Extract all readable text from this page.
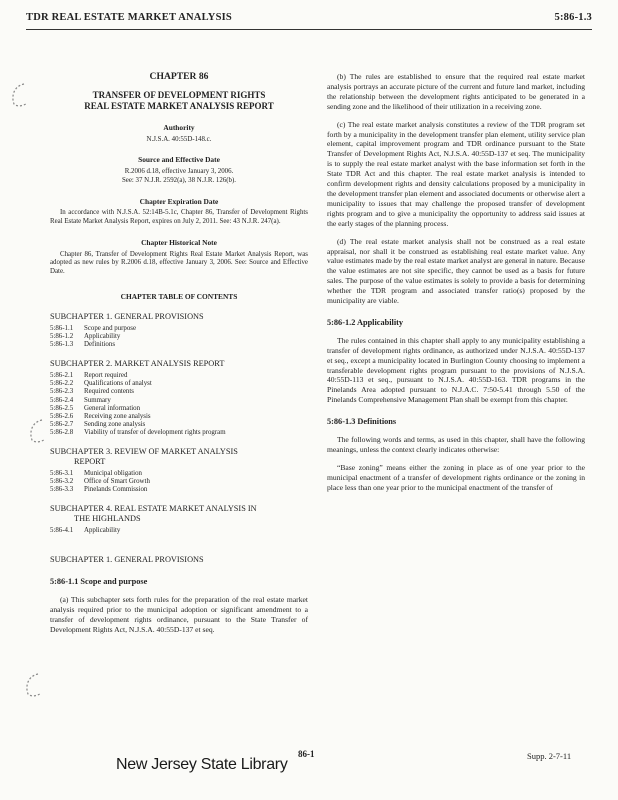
TDR REAL ESTATE MARKET ANALYSIS	5:86-1.3
CHAPTER 86
TRANSFER OF DEVELOPMENT RIGHTS
REAL ESTATE MARKET ANALYSIS REPORT
Authority
N.J.S.A. 40:55D-148.c.
Source and Effective Date
R.2006 d.18, effective January 3, 2006.
See: 37 N.J.R. 2592(a), 38 N.J.R. 126(b).
Chapter Expiration Date
In accordance with N.J.S.A. 52:14B-5.1c, Chapter 86, Transfer of Development Rights Real Estate Market Analysis Report, expires on July 2, 2011. See: 43 N.J.R. 247(a).
Chapter Historical Note
Chapter 86, Transfer of Development Rights Real Estate Market Analysis Report, was adopted as new rules by R.2006 d.18, effective January 3, 2006. See: Source and Effective Date.
CHAPTER TABLE OF CONTENTS
SUBCHAPTER 1. GENERAL PROVISIONS
5:86-1.1	Scope and purpose
5:86-1.2	Applicability
5:86-1.3	Definitions
SUBCHAPTER 2. MARKET ANALYSIS REPORT
5:86-2.1	Report required
5:86-2.2	Qualifications of analyst
5:86-2.3	Required contents
5:86-2.4	Summary
5:86-2.5	General information
5:86-2.6	Receiving zone analysis
5:86-2.7	Sending zone analysis
5:86-2.8	Viability of transfer of development rights program
SUBCHAPTER 3. REVIEW OF MARKET ANALYSIS
REPORT
5:86-3.1	Municipal obligation
5:86-3.2	Office of Smart Growth
5:86-3.3	Pinelands Commission
SUBCHAPTER 4. REAL ESTATE MARKET ANALYSIS IN
THE HIGHLANDS
5:86-4.1	Applicability
SUBCHAPTER 1. GENERAL PROVISIONS
5:86-1.1 Scope and purpose

(a) This subchapter sets forth rules for the preparation of the real estate market analysis required prior to the municipal adoption or significant amendment to a transfer of development rights ordinance, pursuant to the State Transfer of Development Rights Act, N.J.S.A. 40:55D-137 et seq.

(b) The rules are established to ensure that the required real estate market analysis portrays an accurate picture of the current and future land market, including the relationship between the development rights anticipated to be generated in a sending zone and the likelihood of their utilization in a receiving zone.

(c) The real estate market analysis constitutes a review of the TDR program set forth by a municipality in the development transfer plan element, utility service plan element, capital improvement program and TDR ordinance pursuant to the State Transfer of Development Rights Act, N.J.S.A. 40:55D-137 et seq. The municipality is to supply the real estate market analyst with the base information set forth in the State TDR Act and this chapter. The real estate market analysis is intended to confirm development rights and density calculations proposed by a municipality in the development transfer plan element and associated documents or otherwise alert a municipality to issues that may challenge the proposed transfer of development rights program and to give a municipality the opportunity to address said issues at the early stages of the planning process.

(d) The real estate market analysis shall not be construed as a real estate appraisal, nor shall it be construed as establishing real estate market value. Any value estimates made by the real estate market analyst are general in nature. Because the value estimates are not site specific, they cannot be used as a basis for future sales. The purpose of the value estimates is solely to provide a basis for determining whether the TDR program and associated transfer ratio(s) proposed by the municipality are viable.

5:86-1.2 Applicability

The rules contained in this chapter shall apply to any municipality establishing a transfer of development rights ordinance, as authorized under N.J.S.A. 40:55D-137 et seq., except a municipality located in Burlington County choosing to implement a transferable development rights program pursuant to the provisions of N.J.S.A. 40:55D-113 et seq., pursuant to N.J.S.A. 40:55D-163. TDR programs in the Pinelands Area adopted pursuant to N.J.A.C. 7:50-5.41 through 5.50 of the Pinelands Comprehensive Management Plan shall be exempt from this chapter.

5:86-1.3 Definitions

The following words and terms, as used in this chapter, shall have the following meanings, unless the context clearly indicates otherwise:

“Base zoning” means either the zoning in place as of one year prior to the municipal enactment of a transfer of development rights ordinance or the zoning in place less than one year prior to the municipal enactment of the transfer of

86-1	Supp. 2-7-11
New Jersey State Library
